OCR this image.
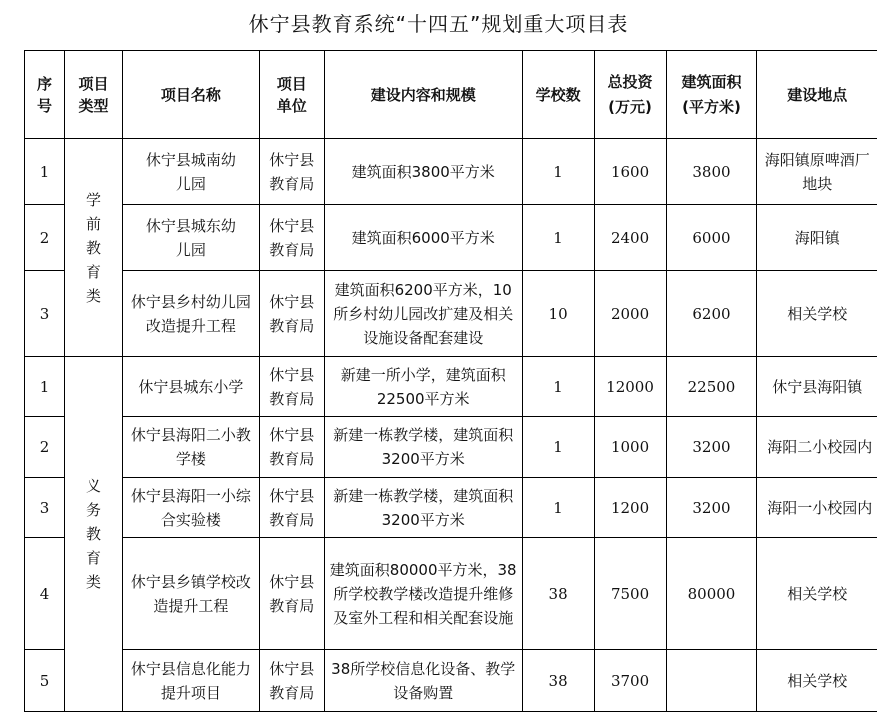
休宁县教育系统“十四五”规划重大项目表
序号	项目类型	项目名称	项目单位	建设内容和规模	学校数	总投资(万元)	建筑面积(平方米)	建设地点
1	学前教育类	休宁县城南幼儿园	休宁县教育局	建筑面积3800平方米	1	1600	3800	海阳镇原啤酒厂地块
2		休宁县城东幼儿园	休宁县教育局	建筑面积6000平方米	1	2400	6000	海阳镇
3		休宁县乡村幼儿园改造提升工程	休宁县教育局	建筑面积6200平方米，10所乡村幼儿园改扩建及相关设施设备配套建设	10	2000	6200	相关学校
1	义务教育类	休宁县城东小学	休宁县教育局	新建一所小学，建筑面积22500平方米	1	12000	22500	休宁县海阳镇
2		休宁县海阳二小教学楼	休宁县教育局	新建一栋教学楼，建筑面积3200平方米	1	1000	3200	海阳二小校园内
3		休宁县海阳一小综合实验楼	休宁县教育局	新建一栋教学楼，建筑面积3200平方米	1	1200	3200	海阳一小校园内
4		休宁县乡镇学校改造提升工程	休宁县教育局	建筑面积80000平方米，38所学校教学楼改造提升维修及室外工程和相关配套设施	38	7500	80000	相关学校
5		休宁县信息化能力提升项目	休宁县教育局	38所学校信息化设备、教学设备购置	38	3700		相关学校
